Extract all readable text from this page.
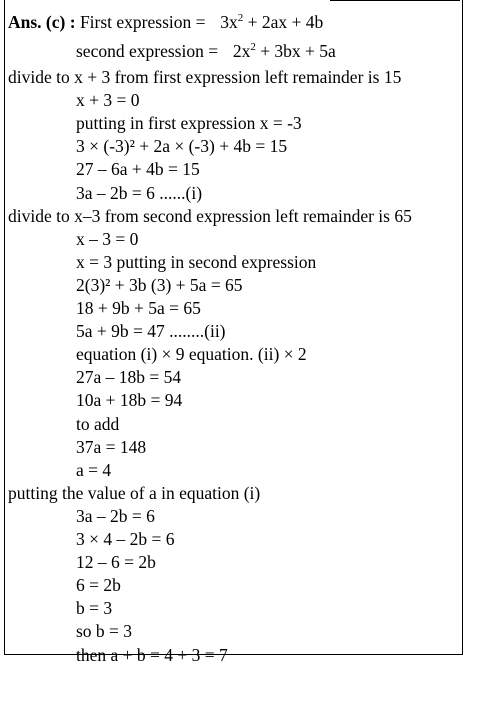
Ans. (c) : First expression = $3x^2 + 2ax + 4b$
second expression = $2x^2 + 3bx + 5a$
divide to x + 3 from first expression left remainder is 15
x + 3 = 0
putting in first expression x = -3
3 × (-3)² + 2a × (-3) + 4b = 15
27 – 6a + 4b = 15
3a – 2b = 6 ......(i)
divide to x–3 from second expression left remainder is 65
x – 3 = 0
x = 3 putting in second expression
2(3)² + 3b (3) + 5a = 65
18 + 9b + 5a = 65
5a + 9b = 47 ........(ii)
equation (i) × 9 equation. (ii) × 2
27a – 18b = 54
10a + 18b = 94
to add
37a = 148
a = 4
putting the value of a in equation (i)
3a – 2b = 6
3 × 4 – 2b = 6
12 – 6 = 2b
6 = 2b
b = 3
so b = 3
then a + b = 4 + 3 = 7
